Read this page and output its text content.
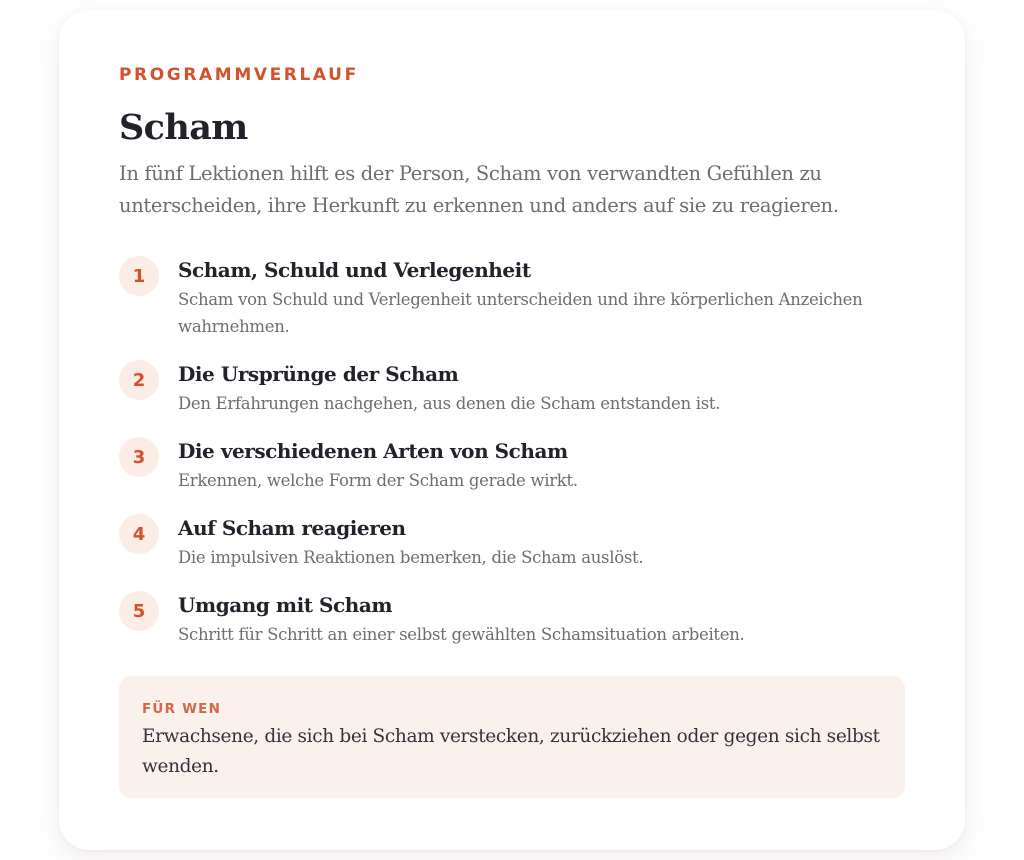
PROGRAMMVERLAUF

Scham

In fünf Lektionen hilft es der Person, Scham von verwandten Gefühlen zu unterscheiden, ihre Herkunft zu erkennen und anders auf sie zu reagieren.

1	Scham, Schuld und Verlegenheit

Scham von Schuld und Verlegenheit unterscheiden und ihre körperlichen Anzeichen wahrnehmen.

2	Die Ursprünge der Scham

Den Erfahrungen nachgehen, aus denen die Scham entstanden ist.

3	Die verschiedenen Arten von Scham

Erkennen, welche Form der Scham gerade wirkt.

4	Auf Scham reagieren

Die impulsiven Reaktionen bemerken, die Scham auslöst.

5	Umgang mit Scham

Schritt für Schritt an einer selbst gewählten Schamsituation arbeiten.

FÜR WEN

Erwachsene, die sich bei Scham verstecken, zurückziehen oder gegen sich selbst wenden.
